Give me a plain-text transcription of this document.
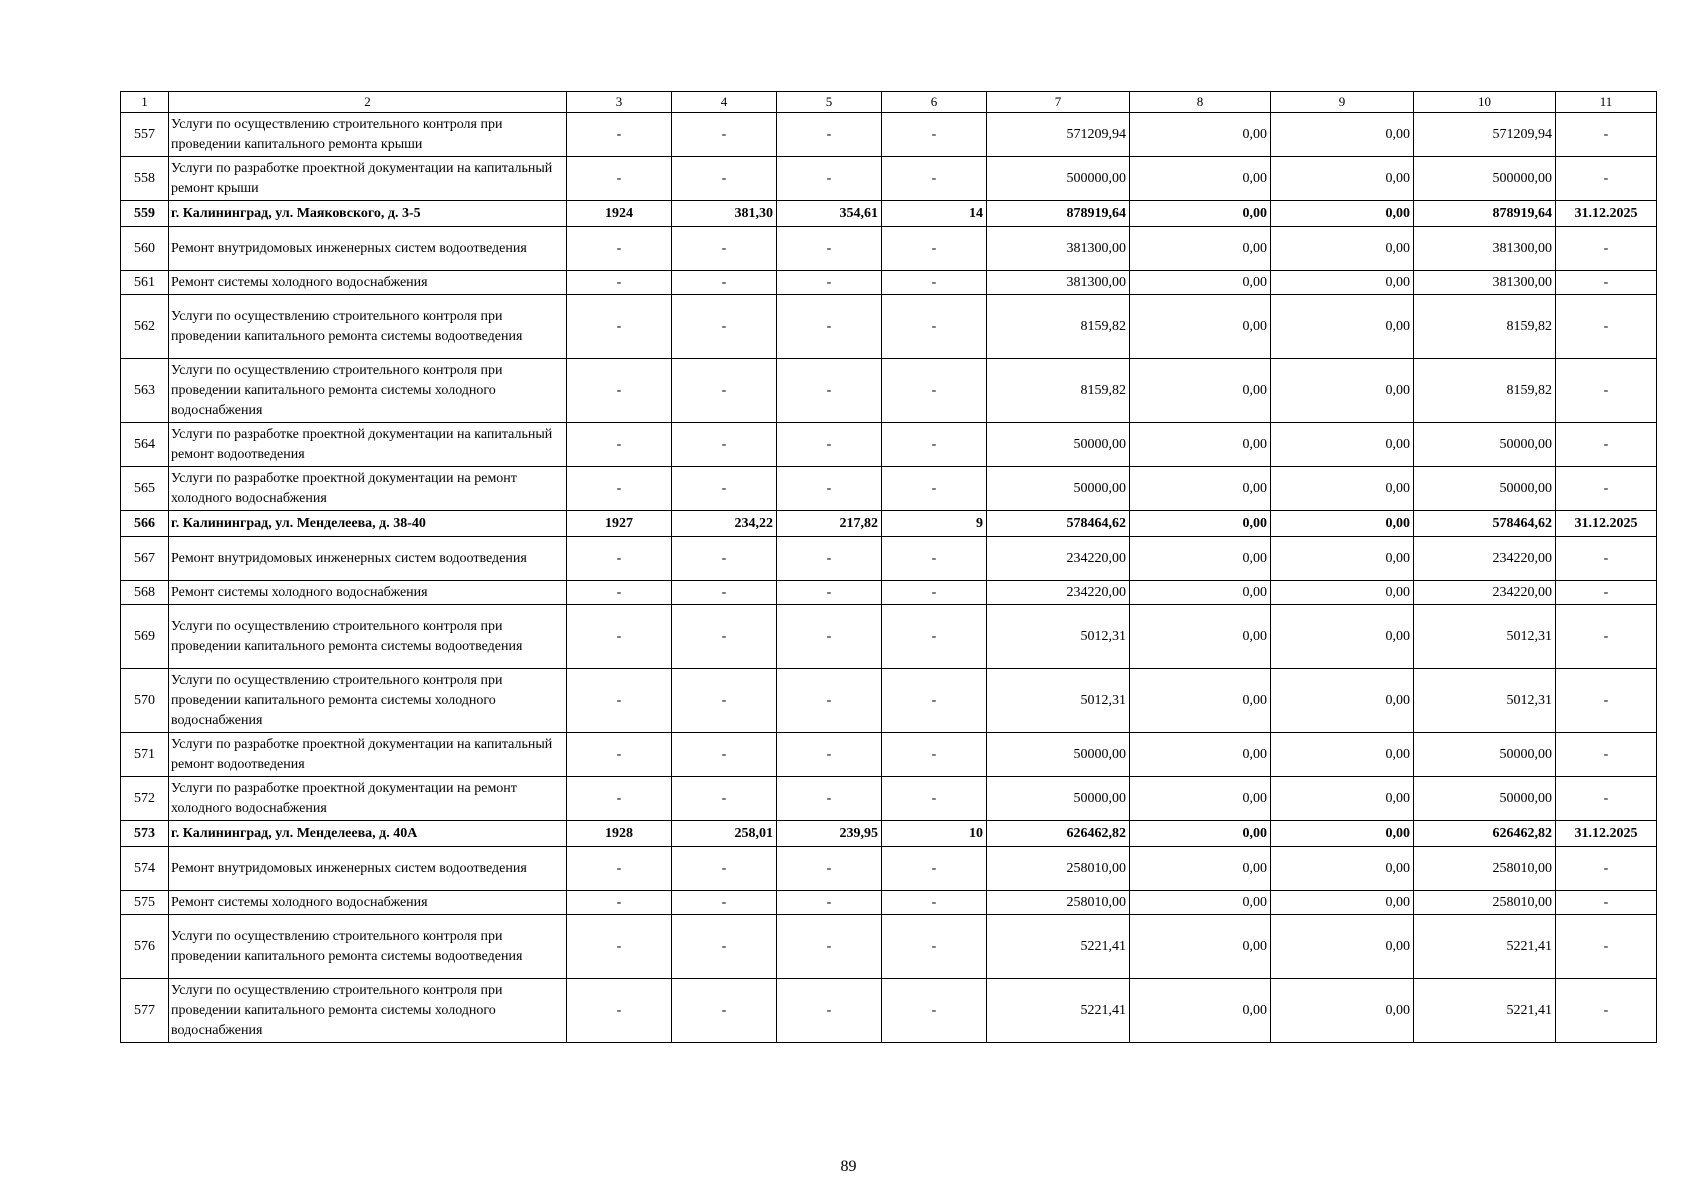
1	2	3	4	5	6	7	8	9	10	11
557	Услуги по осуществлению строительного контроля при проведении капитального ремонта крыши	-	-	-	-	571209,94	0,00	0,00	571209,94	-
558	Услуги по разработке проектной документации на капитальный ремонт крыши	-	-	-	-	500000,00	0,00	0,00	500000,00	-
559	г. Калининград, ул. Маяковского, д. 3-5	1924	381,30	354,61	14	878919,64	0,00	0,00	878919,64	31.12.2025
560	Ремонт внутридомовых инженерных систем водоотведения	-	-	-	-	381300,00	0,00	0,00	381300,00	-
561	Ремонт системы холодного водоснабжения	-	-	-	-	381300,00	0,00	0,00	381300,00	-
562	Услуги по осуществлению строительного контроля при проведении капитального ремонта системы водоотведения	-	-	-	-	8159,82	0,00	0,00	8159,82	-
563	Услуги по осуществлению строительного контроля при проведении капитального ремонта системы холодного водоснабжения	-	-	-	-	8159,82	0,00	0,00	8159,82	-
564	Услуги по разработке проектной документации на капитальный ремонт водоотведения	-	-	-	-	50000,00	0,00	0,00	50000,00	-
565	Услуги по разработке проектной документации на ремонт холодного водоснабжения	-	-	-	-	50000,00	0,00	0,00	50000,00	-
566	г. Калининград, ул. Менделеева, д. 38-40	1927	234,22	217,82	9	578464,62	0,00	0,00	578464,62	31.12.2025
567	Ремонт внутридомовых инженерных систем водоотведения	-	-	-	-	234220,00	0,00	0,00	234220,00	-
568	Ремонт системы холодного водоснабжения	-	-	-	-	234220,00	0,00	0,00	234220,00	-
569	Услуги по осуществлению строительного контроля при проведении капитального ремонта системы водоотведения	-	-	-	-	5012,31	0,00	0,00	5012,31	-
570	Услуги по осуществлению строительного контроля при проведении капитального ремонта системы холодного водоснабжения	-	-	-	-	5012,31	0,00	0,00	5012,31	-
571	Услуги по разработке проектной документации на капитальный ремонт водоотведения	-	-	-	-	50000,00	0,00	0,00	50000,00	-
572	Услуги по разработке проектной документации на ремонт холодного водоснабжения	-	-	-	-	50000,00	0,00	0,00	50000,00	-
573	г. Калининград, ул. Менделеева, д. 40А	1928	258,01	239,95	10	626462,82	0,00	0,00	626462,82	31.12.2025
574	Ремонт внутридомовых инженерных систем водоотведения	-	-	-	-	258010,00	0,00	0,00	258010,00	-
575	Ремонт системы холодного водоснабжения	-	-	-	-	258010,00	0,00	0,00	258010,00	-
576	Услуги по осуществлению строительного контроля при проведении капитального ремонта системы водоотведения	-	-	-	-	5221,41	0,00	0,00	5221,41	-
577	Услуги по осуществлению строительного контроля при проведении капитального ремонта системы холодного водоснабжения	-	-	-	-	5221,41	0,00	0,00	5221,41	-
89
